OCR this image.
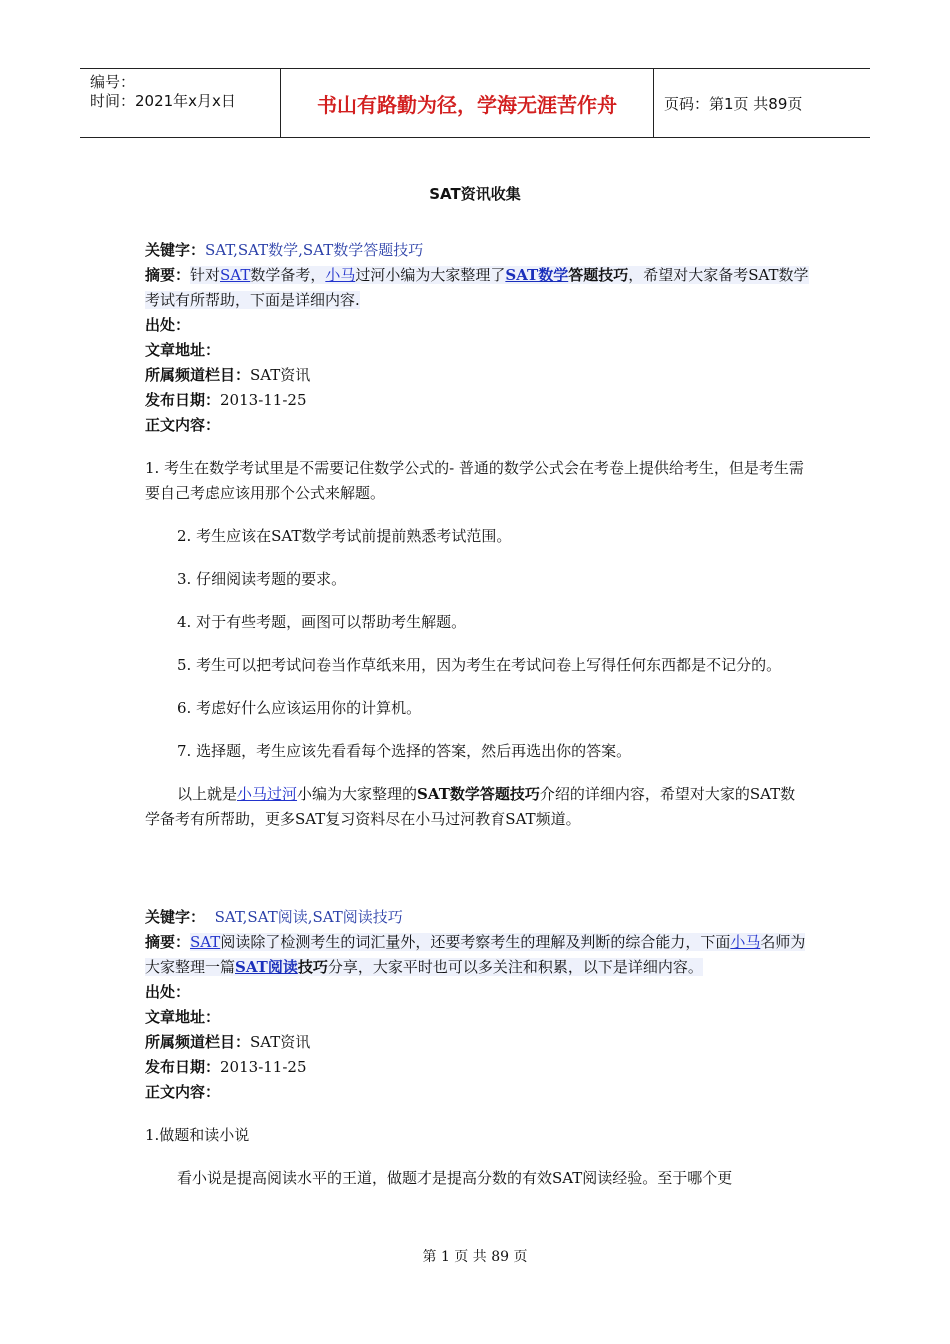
编号：
时间：2021年x月x日	书山有路勤为径，学海无涯苦作舟	页码：第1页 共89页
SAT资讯收集
关键字：SAT,SAT数学,SAT数学答题技巧
摘要：针对SAT数学备考，小马过河小编为大家整理了SAT数学答题技巧，希望对大家备考SAT数学考试有所帮助，下面是详细内容.
出处：
文章地址：
所属频道栏目：SAT资讯
发布日期：2013-11-25
正文内容：
1. 考生在数学考试里是不需要记住数学公式的- 普通的数学公式会在考卷上提供给考生，但是考生需要自己考虑应该用那个公式来解题。
2. 考生应该在SAT数学考试前提前熟悉考试范围。
3. 仔细阅读考题的要求。
4. 对于有些考题，画图可以帮助考生解题。
5. 考生可以把考试问卷当作草纸来用，因为考生在考试问卷上写得任何东西都是不记分的。
6. 考虑好什么应该运用你的计算机。
7. 选择题，考生应该先看看每个选择的答案，然后再选出你的答案。
以上就是小马过河小编为大家整理的SAT数学答题技巧介绍的详细内容，希望对大家的SAT数学备考有所帮助，更多SAT复习资料尽在小马过河教育SAT频道。
关键字： SAT,SAT阅读,SAT阅读技巧
摘要：SAT阅读除了检测考生的词汇量外，还要考察考生的理解及判断的综合能力，下面小马名师为大家整理一篇SAT阅读技巧分享，大家平时也可以多关注和积累，以下是详细内容。
出处：
文章地址：
所属频道栏目：SAT资讯
发布日期：2013-11-25
正文内容：
1.做题和读小说
看小说是提高阅读水平的王道，做题才是提高分数的有效SAT阅读经验。至于哪个更
第 1 页 共 89 页
